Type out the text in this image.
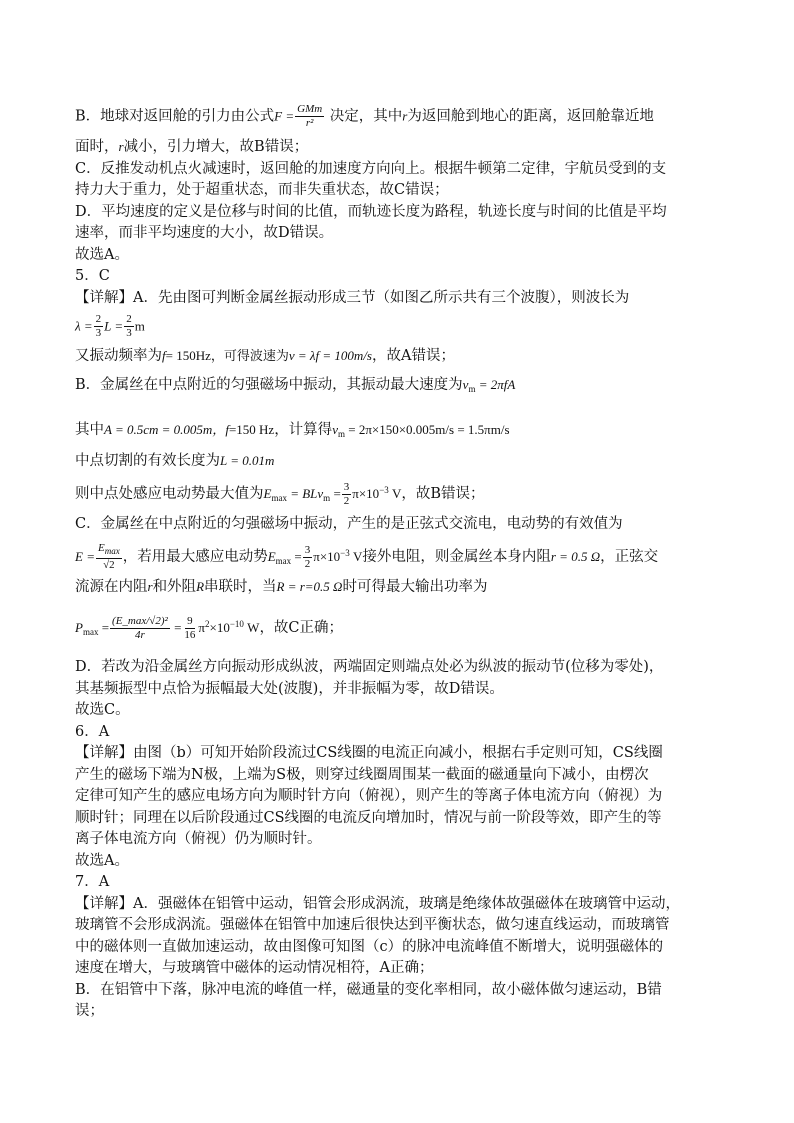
B．地球对返回舱的引力由公式$F = \frac{\text{GMm}}{\text{r²}}$ 决定，其中r为返回舱到地心的距离，返回舱靠近地
面时，r减小，引力增大，故B错误；
C．反推发动机点火减速时，返回舱的加速度方向向上。根据牛顿第二定律，宇航员受到的支
持力大于重力，处于超重状态，而非失重状态，故C错误；
D．平均速度的定义是位移与时间的比值，而轨迹长度为路程，轨迹长度与时间的比值是平均
速率，而非平均速度的大小，故D错误。
故选A。
5．C
【详解】A．先由图可判断金属丝振动形成三节（如图乙所示共有三个波腹），则波长为
$\lambda = \frac{2}{3}$ $L = \frac{2}{3}$ m
又振动频率为f= 150Hz，可得波速为v = λf = 100m/s，故A错误；
B．金属丝在中点附近的匀强磁场中振动，其振动最大速度为$v_m = 2\pi fA$
其中A = 0.5cm = 0.005m，f=150 Hz，计算得$v_m = 2\pi\times 150\times 0.005m/s = 1.5\pi m/s$
中点切割的有效长度为L = 0.01m
则中点处感应电动势最大值为$E_{max} = BLv_m = \frac{3}{2} \pi\times 10^{-3}$ V，故B错误；
C．金属丝在中点附近的匀强磁场中振动，产生的是正弦式交流电，电动势的有效值为
$E = \frac{E_{max}}{√2}$ ，若用最大感应电动势$E_{max} = \frac{3}{2} \pi\times 10^{-3}$ V接外电阻，则金属丝本身内阻r = 0.5 Ω，正弦交
流源在内阻r和外阻R串联时，当R = r=0.5 Ω时可得最大输出功率为
$P_{max} = \frac{\text{(E\_max/√2)²}}{4r} = \frac{9}{16} \pi^2\times 10^{-10}$ W，故C正确；
D．若改为沿金属丝方向振动形成纵波，两端固定则端点处必为纵波的振动节(位移为零处)，
其基频振型中点恰为振幅最大处(波腹)，并非振幅为零，故D错误。
故选C。
6．A
【详解】由图（b）可知开始阶段流过CS线圈的电流正向减小，根据右手定则可知，CS线圈
产生的磁场下端为N极，上端为S极，则穿过线圈周围某一截面的磁通量向下减小，由楞次
定律可知产生的感应电场方向为顺时针方向（俯视），则产生的等离子体电流方向（俯视）为
顺时针；同理在以后阶段通过CS线圈的电流反向增加时，情况与前一阶段等效，即产生的等
离子体电流方向（俯视）仍为顺时针。
故选A。
7．A
【详解】A．强磁体在铝管中运动，铝管会形成涡流，玻璃是绝缘体故强磁体在玻璃管中运动，
玻璃管不会形成涡流。强磁体在铝管中加速后很快达到平衡状态，做匀速直线运动，而玻璃管
中的磁体则一直做加速运动，故由图像可知图（c）的脉冲电流峰值不断增大，说明强磁体的
速度在增大，与玻璃管中磁体的运动情况相符，A正确；
B．在铝管中下落，脉冲电流的峰值一样，磁通量的变化率相同，故小磁体做匀速运动，B错
误；
